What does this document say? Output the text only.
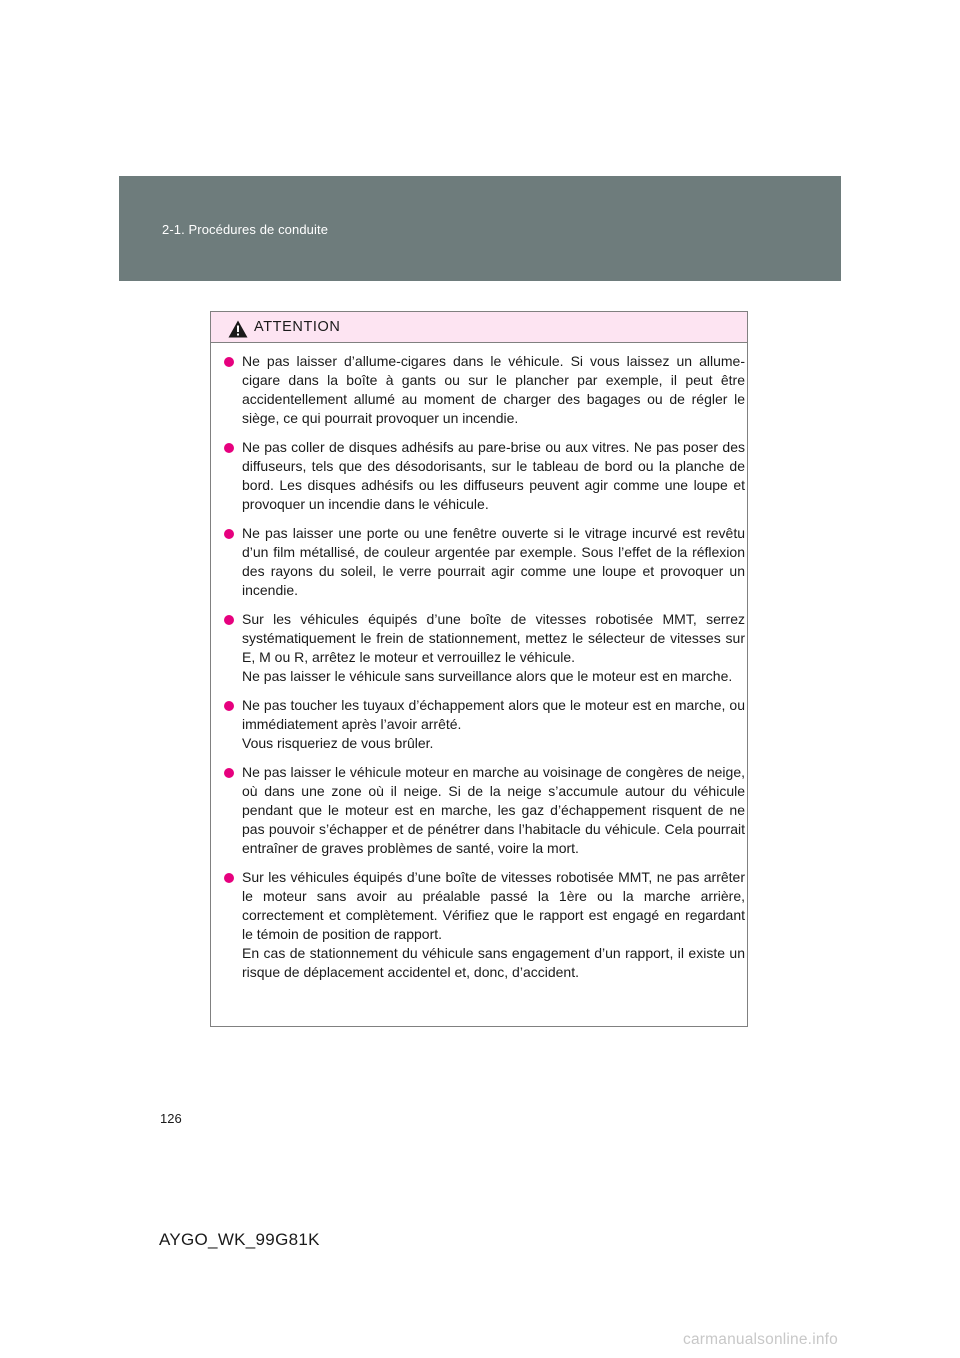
2-1. Procédures de conduite
ATTENTION
Ne pas laisser d’allume-cigares dans le véhicule. Si vous laissez un allume-cigare dans la boîte à gants ou sur le plancher par exemple, il peut être accidentellement allumé au moment de charger des bagages ou de régler le siège, ce qui pourrait provoquer un incendie.
Ne pas coller de disques adhésifs au pare-brise ou aux vitres. Ne pas poser des diffuseurs, tels que des désodorisants, sur le tableau de bord ou la planche de bord. Les disques adhésifs ou les diffuseurs peuvent agir comme une loupe et provoquer un incendie dans le véhicule.
Ne pas laisser une porte ou une fenêtre ouverte si le vitrage incurvé est revêtu d’un film métallisé, de couleur argentée par exemple. Sous l’effet de la réflexion des rayons du soleil, le verre pourrait agir comme une loupe et provoquer un incendie.
Sur les véhicules équipés d’une boîte de vitesses robotisée MMT, serrez systématiquement le frein de stationnement, mettez le sélecteur de vitesses sur E, M ou R, arrêtez le moteur et verrouillez le véhicule.
Ne pas laisser le véhicule sans surveillance alors que le moteur est en marche.
Ne pas toucher les tuyaux d’échappement alors que le moteur est en marche, ou immédiatement après l’avoir arrêté.
Vous risqueriez de vous brûler.
Ne pas laisser le véhicule moteur en marche au voisinage de congères de neige, où dans une zone où il neige. Si de la neige s’accumule autour du véhicule pendant que le moteur est en marche, les gaz d’échappement risquent de ne pas pouvoir s’échapper et de pénétrer dans l’habitacle du véhicule. Cela pourrait entraîner de graves problèmes de santé, voire la mort.
Sur les véhicules équipés d’une boîte de vitesses robotisée MMT, ne pas arrêter le moteur sans avoir au préalable passé la 1ère ou la marche arrière, correctement et complètement. Vérifiez que le rapport est engagé en regardant le témoin de position de rapport.
En cas de stationnement du véhicule sans engagement d’un rapport, il existe un risque de déplacement accidentel et, donc, d’accident.
126
AYGO_WK_99G81K
carmanualsonline.info
